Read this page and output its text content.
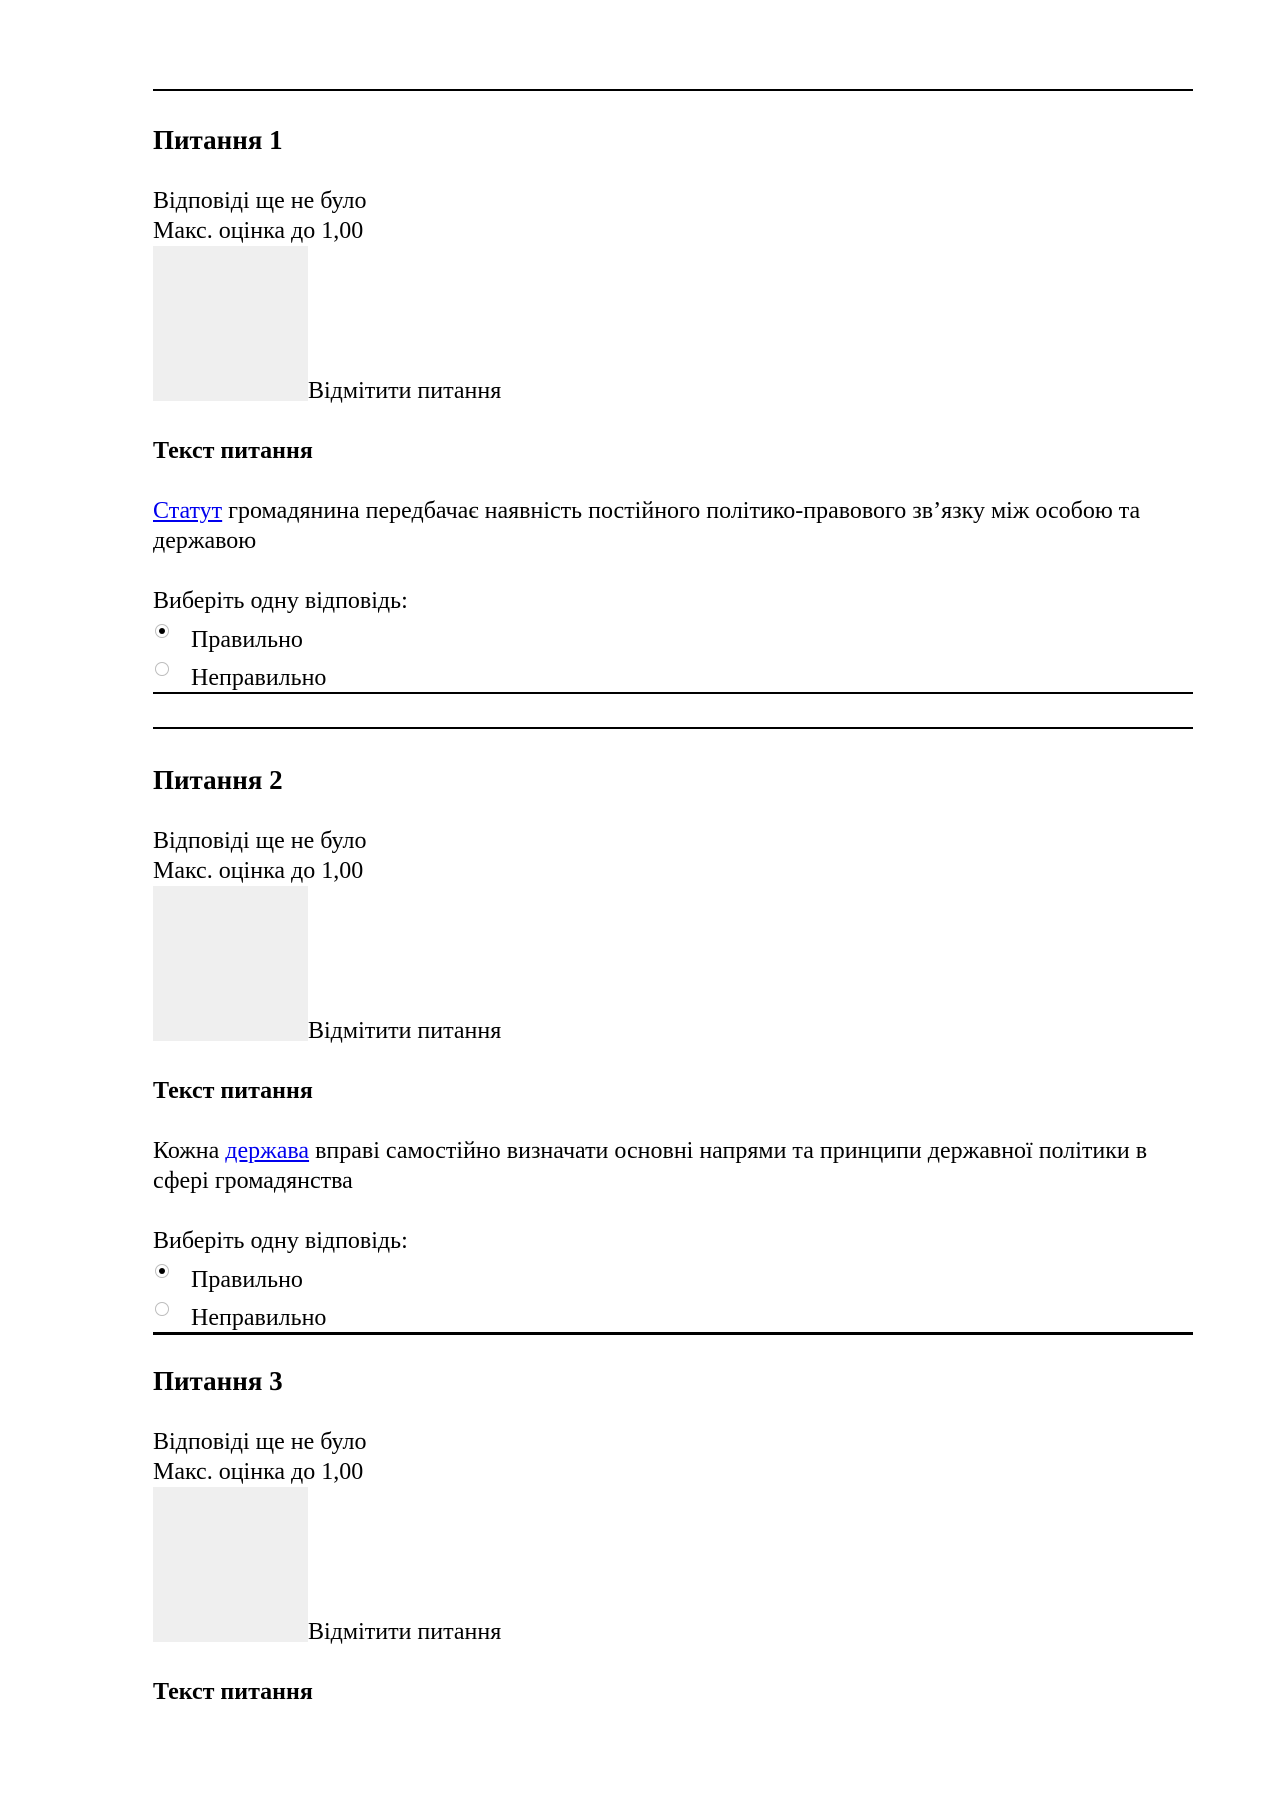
Питання 1
Відповіді ще не було
Макс. оцінка до 1,00
Відмітити питання
Текст питання
Статут громадянина передбачає наявність постійного політико-правового зв’язку між особою та державою
Виберіть одну відповідь:
Правильно
Неправильно
Питання 2
Відповіді ще не було
Макс. оцінка до 1,00
Відмітити питання
Текст питання
Кожна держава вправі самостійно визначати основні напрями та принципи державної політики в сфері громадянства
Виберіть одну відповідь:
Правильно
Неправильно
Питання 3
Відповіді ще не було
Макс. оцінка до 1,00
Відмітити питання
Текст питання
